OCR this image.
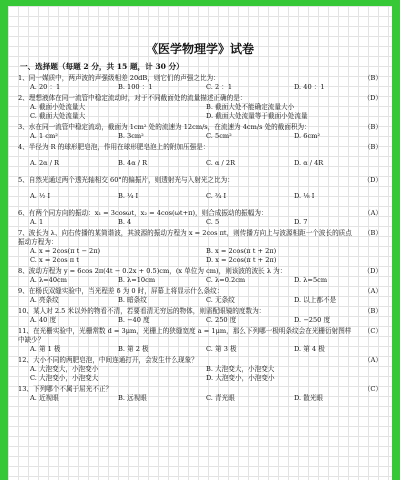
《医学物理学》试卷
一、选择题（每题 2 分，共 15 题，计 30 分）
1、同一媒质中，两声波的声强级相差 20dB，则它们的声强之比为：	（B）
A. 20 ：1	B. 100 ：1	C. 2 ：1	D. 40 ：1
2、理想液体在同一流管中稳定流动时，对于不同截面处的流量描述正确的是：	（D）
A. 截面小处流量大	B. 截面大处不能确定流量大小
C. 截面大处流量大	D. 截面大处流量等于截面小处流量
3、水在同一流管中稳定流动，截面为 1cm² 处的流速为 12cm/s，在流速为 4cm/s 处的截面积为：	（B）
A. 1 cm²	B. 3cm²	C. 5cm²	D. 6cm²
4、半径为 R 的球形肥皂泡，作用在球形肥皂泡上的附加压强是：	（B）
A. 2α / R	B. 4α / R	C. α / 2R	D. α / 4R
5、自然光通过两个透光轴相交 60°的偏振片，则透射光与入射光之比为：	（D）
A. ½ I	B. ¼ I	C. ¾ I	D. ⅛ I
6、有两个同方向的振动：x₁ = 3cosωt，x₂ = 4cos(ωt+π)，则合成振动的振幅为：	（A）
A. 1	B. 4	C. 5	D. 7
7、波长为 λ、向右传播的某简谐波，其波源的振动方程为 x = 2cos πt，则传播方向上与波源相距一个波长的质点振动方程为：
（B）
A. x = 2cos(π t − 2π)	B. x = 2cos(π t + 2π)
C. x = 2cos π t	D. x = 2cos(π t + 2π)
8、波动方程为 y = 6cos 2π(4t − 0.2x + 0.5)cm，(x 单位为 cm)，则该波的波长 λ 为：	（D）
A. λ=40cm	B. λ=10cm	C. λ=0.2cm	D. λ=5cm
9、在杨氏双缝实验中，当光程差 δ 为 0 时，屏幕上将显示什么条纹：	（A）
A. 亮条纹	B. 暗条纹	C. 无条纹	D. 以上都不是
10、某人对 2.5 米以外的物看不清，若要看清无穷远的物体，则需配眼镜的度数为：	（B）
A. 40 度	B. −40 度	C. 250 度	D. −250 度
11、在光栅实验中，光栅常数 d = 3μm，光栅上的狭缝宽度 a = 1μm，那么下列哪一极明条纹会在光栅衍射图样中缺少？
（C）
A. 第 1 极	B. 第 2 极	C. 第 3 极	D. 第 4 极
12、大小不同的两肥皂泡，中间连通打开，会发生什么现象？	（A）
A. 大泡变大，小泡变小	B. 大泡变大，小泡变大
C. 大泡变小，小泡变大	D. 大泡变小，小泡变小
13、下列哪个不属于屈光不正？	（C）
A. 近视眼	B. 远视眼	C. 青光眼	D. 散光眼
